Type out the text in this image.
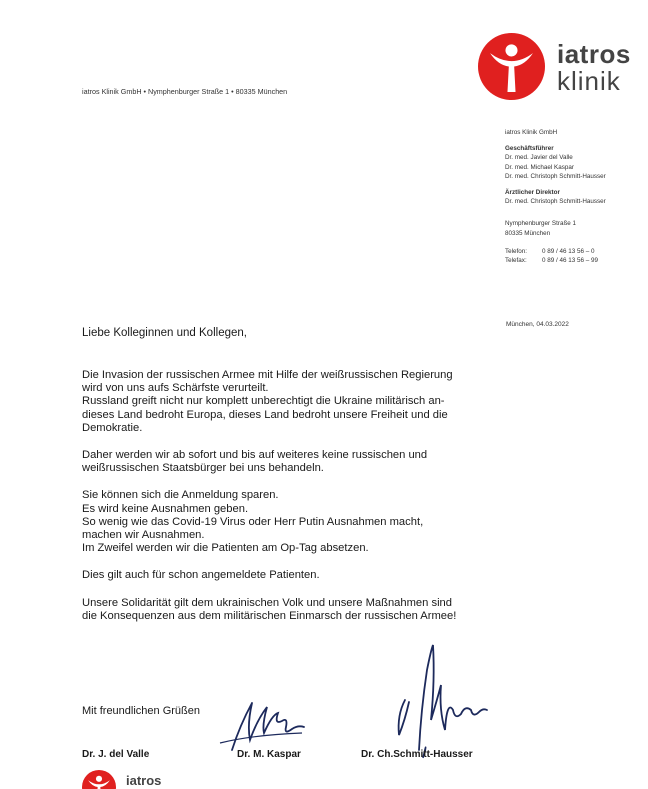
iatros Klinik GmbH • Nymphenburger Straße 1 • 80335 München
iatros
klinik
iatros Klinik GmbH
Geschäftsführer
Dr. med. Javier del Valle
Dr. med. Michael Kaspar
Dr. med. Christoph Schmitt-Hausser
Ärztlicher Direktor
Dr. med. Christoph Schmitt-Hausser
Nymphenburger Straße 1
80335 München
Telefon:	0 89 / 46 13 56 – 0
Telefax:	0 89 / 46 13 56 – 99
München, 04.03.2022
Liebe Kolleginnen und Kollegen,

Die Invasion der russischen Armee mit Hilfe der weißrussischen Regierung
wird von uns aufs Schärfste verurteilt.
Russland greift nicht nur komplett unberechtigt die Ukraine militärisch an-
dieses Land bedroht Europa, dieses Land bedroht unsere Freiheit und die
Demokratie.

Daher werden wir ab sofort und bis auf weiteres keine russischen und
weißrussischen Staatsbürger bei uns behandeln.

Sie können sich die Anmeldung sparen.
Es wird keine Ausnahmen geben.
So wenig wie das Covid-19 Virus oder Herr Putin Ausnahmen macht,
machen wir Ausnahmen.
Im Zweifel werden wir die Patienten am Op-Tag absetzen.

Dies gilt auch für schon angemeldete Patienten.

Unsere Solidarität gilt dem ukrainischen Volk und unsere Maßnahmen sind
die Konsequenzen aus dem militärischen Einmarsch der russischen Armee!

Mit freundlichen Grüßen
Dr. J. del Valle	Dr. M. Kaspar	Dr. Ch.Schmitt-Hausser
iatros
